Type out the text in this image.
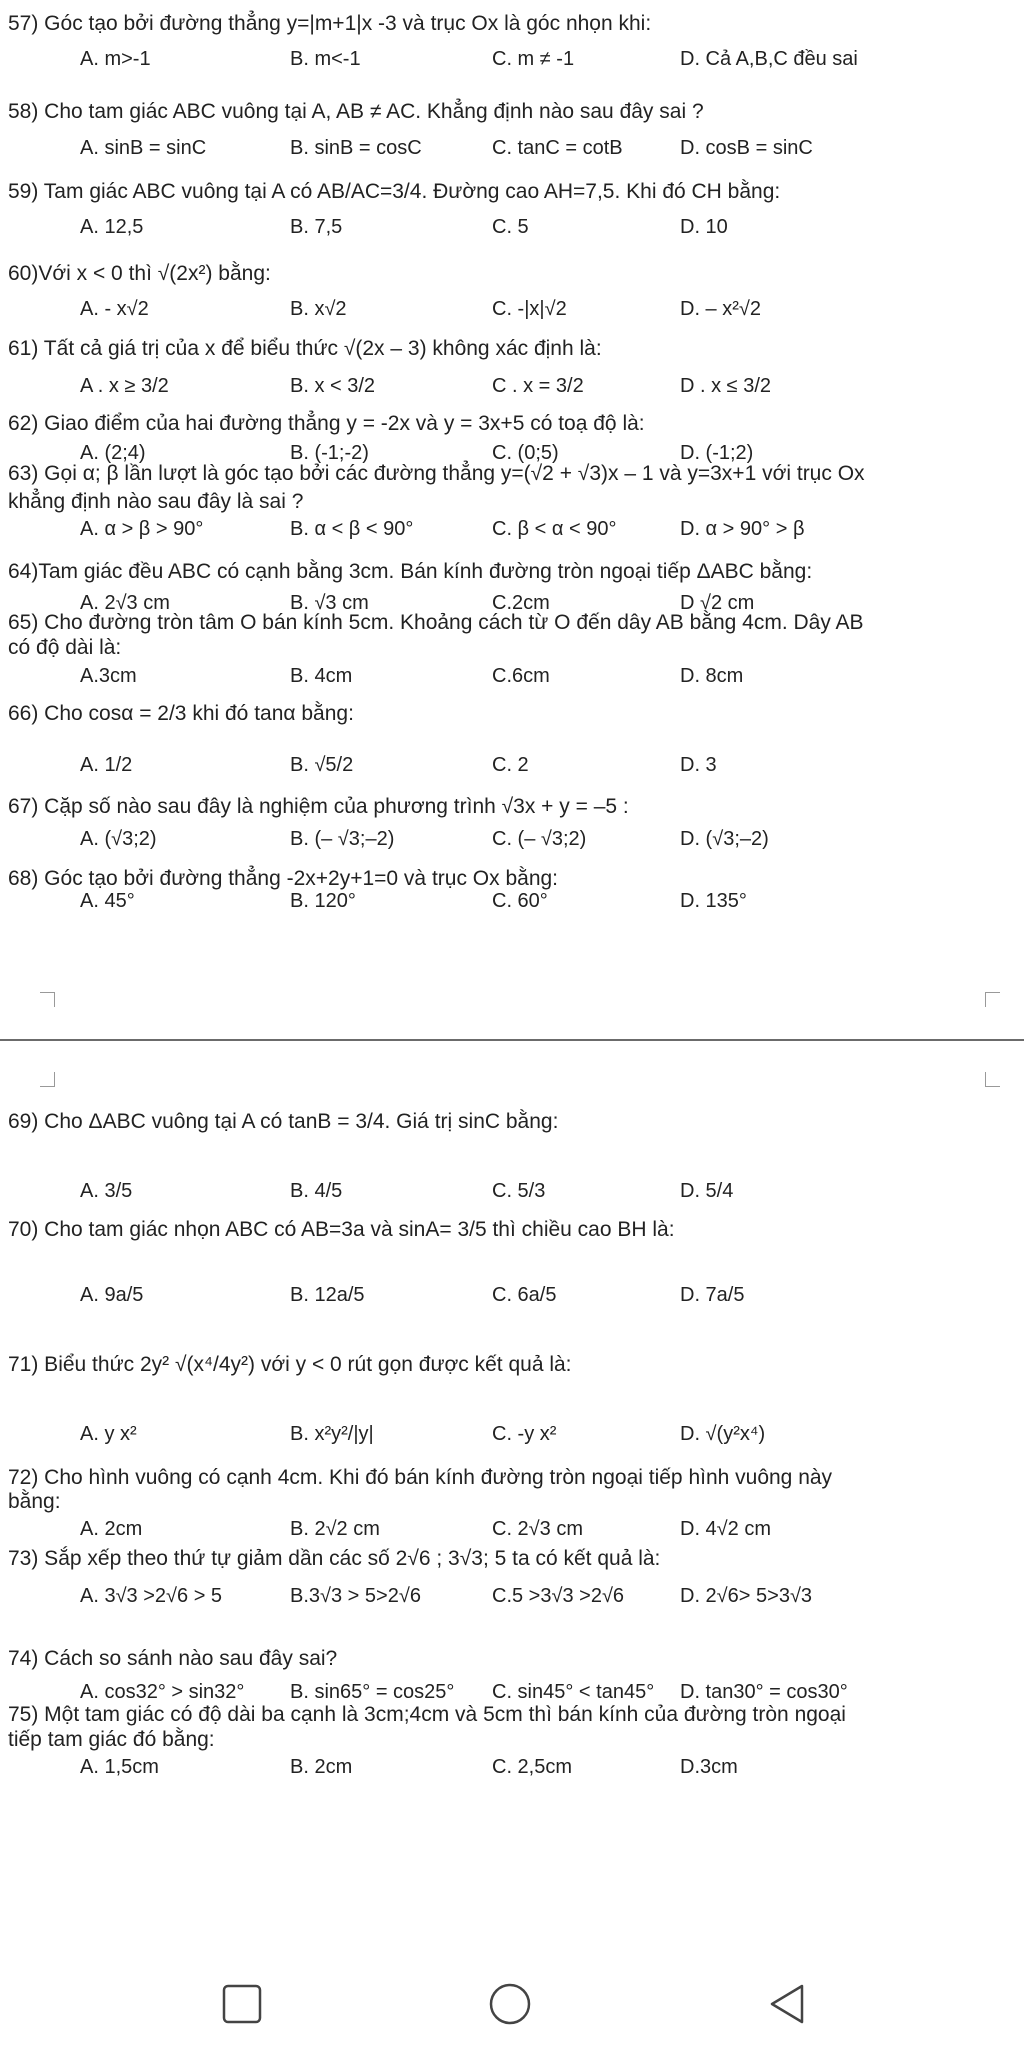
57) Góc tạo bởi đường thẳng y=|m+1|x -3 và trục Ox là góc nhọn khi:
A. m>-1	B. m<-1	C. m ≠ -1	D. Cả A,B,C đều sai
58) Cho tam giác ABC vuông tại A, AB ≠ AC. Khẳng định nào sau đây sai ?
A. sinB = sinC	B. sinB = cosC	C. tanC = cotB	D. cosB = sinC
59) Tam giác ABC vuông tại A có AB/AC=3/4. Đường cao AH=7,5. Khi đó CH bằng:
A. 12,5	B. 7,5	C. 5	D. 10
60)Với x < 0 thì √(2x²) bằng:
A. - x√2	B. x√2	C. -|x|√2	D. – x²√2
61) Tất cả giá trị của x để biểu thức √(2x – 3) không xác định là:
A . x ≥ 3/2	B. x < 3/2	C . x = 3/2	D . x ≤ 3/2
62) Giao điểm của hai đường thẳng y = -2x và y = 3x+5 có toạ độ là:
A. (2;4)	B. (-1;-2)	C. (0;5)	D. (-1;2)
63) Gọi α; β lần lượt là góc tạo bởi các đường thẳng y=(√2 + √3)x – 1 và y=3x+1 với trục Ox
khẳng định nào sau đây là sai ?
A. α > β > 90°	B. α < β < 90°	C. β < α < 90°	D. α > 90° > β
64)Tam giác đều ABC có cạnh bằng 3cm. Bán kính đường tròn ngoại tiếp ΔABC bằng:
A. 2√3 cm	B. √3 cm	C.2cm	D √2 cm
65) Cho đường tròn tâm O bán kính 5cm. Khoảng cách từ O đến dây AB bằng 4cm. Dây AB
có độ dài là:
A.3cm	B. 4cm	C.6cm	D. 8cm
66) Cho cosα = 2/3 khi đó tanα bằng:
A. 1/2	B. √5/2	C. 2	D. 3
67) Cặp số nào sau đây là nghiệm của phương trình √3x + y = –5 :
A. (√3;2)	B. (– √3;–2)	C. (– √3;2)	D. (√3;–2)
68) Góc tạo bởi đường thẳng -2x+2y+1=0 và trục Ox bằng:
A. 45°	B. 120°	C. 60°	D. 135°
69) Cho ΔABC vuông tại A có tanB = 3/4. Giá trị sinC bằng:
A. 3/5	B. 4/5	C. 5/3	D. 5/4
70) Cho tam giác nhọn ABC có AB=3a và sinA= 3/5 thì chiều cao BH là:
A. 9a/5	B. 12a/5	C. 6a/5	D. 7a/5
71) Biểu thức 2y² √(x⁴/4y²) với y < 0 rút gọn được kết quả là:
A. y x²	B. x²y²/|y|	C. -y x²	D. √(y²x⁴)
72) Cho hình vuông có cạnh 4cm. Khi đó bán kính đường tròn ngoại tiếp hình vuông này
bằng:
A. 2cm	B. 2√2 cm	C. 2√3 cm	D. 4√2 cm
73) Sắp xếp theo thứ tự giảm dần các số 2√6 ; 3√3; 5 ta có kết quả là:
A. 3√3 >2√6 > 5	B.3√3 > 5>2√6	C.5 >3√3 >2√6	D. 2√6> 5>3√3
74) Cách so sánh nào sau đây sai?
A. cos32° > sin32° B. sin65° = cos25° C. sin45° < tan45° D. tan30° = cos30°
75) Một tam giác có độ dài ba cạnh là 3cm;4cm và 5cm thì bán kính của đường tròn ngoại
tiếp tam giác đó bằng:
A. 1,5cm	B. 2cm	C. 2,5cm	D.3cm
